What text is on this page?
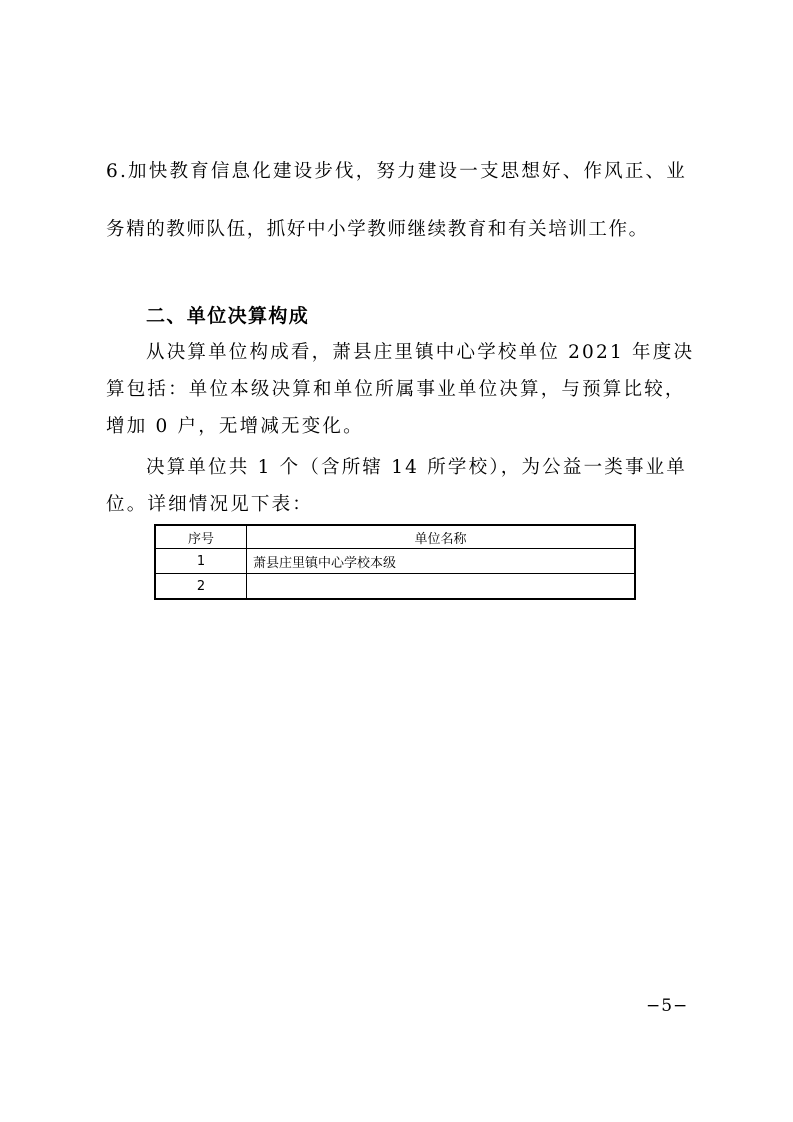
6.加快教育信息化建设步伐，努力建设一支思想好、作风正、业
务精的教师队伍，抓好中小学教师继续教育和有关培训工作。
二、单位决算构成
从决算单位构成看，萧县庄里镇中心学校单位 2021 年度决
算包括：单位本级决算和单位所属事业单位决算，与预算比较，
增加 0 户，无增减无变化。
决算单位共 1 个（含所辖 14 所学校），为公益一类事业单
位。详细情况见下表：
序号	单位名称
1	萧县庄里镇中心学校本级
2	
−5−
